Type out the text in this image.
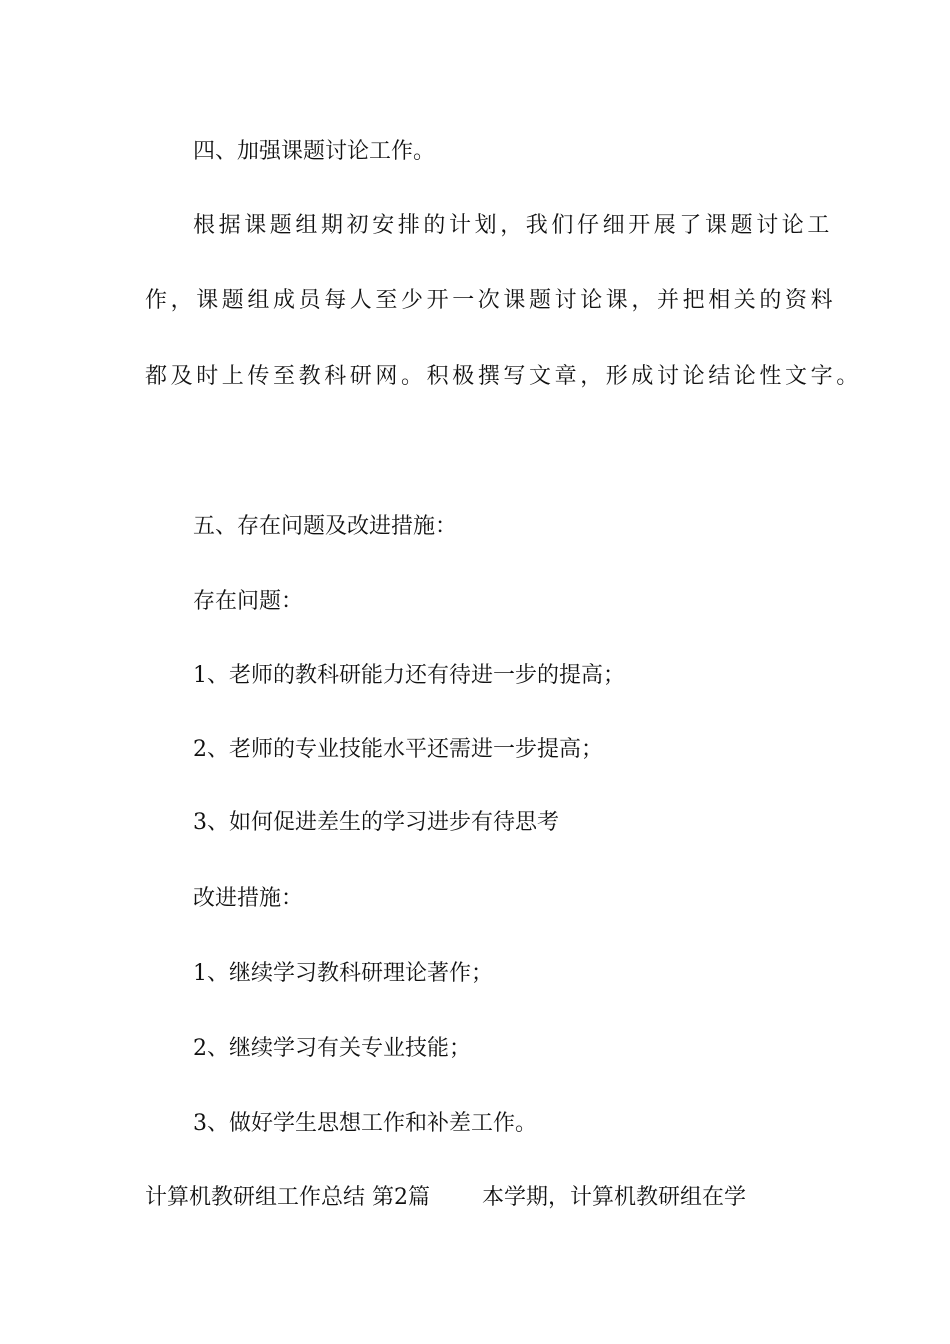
四、加强课题讨论工作。

根据课题组期初安排的计划，我们仔细开展了课题讨论工

作，课题组成员每人至少开一次课题讨论课，并把相关的资料

都及时上传至教科研网。积极撰写文章，形成讨论结论性文字。

五、存在问题及改进措施：

存在问题：

1、老师的教科研能力还有待进一步的提高；

2、老师的专业技能水平还需进一步提高；

3、如何促进差生的学习进步有待思考

改进措施：

1、继续学习教科研理论著作；

2、继续学习有关专业技能；

3、做好学生思想工作和补差工作。

计算机教研组工作总结 第2篇 本学期，计算机教研组在学
